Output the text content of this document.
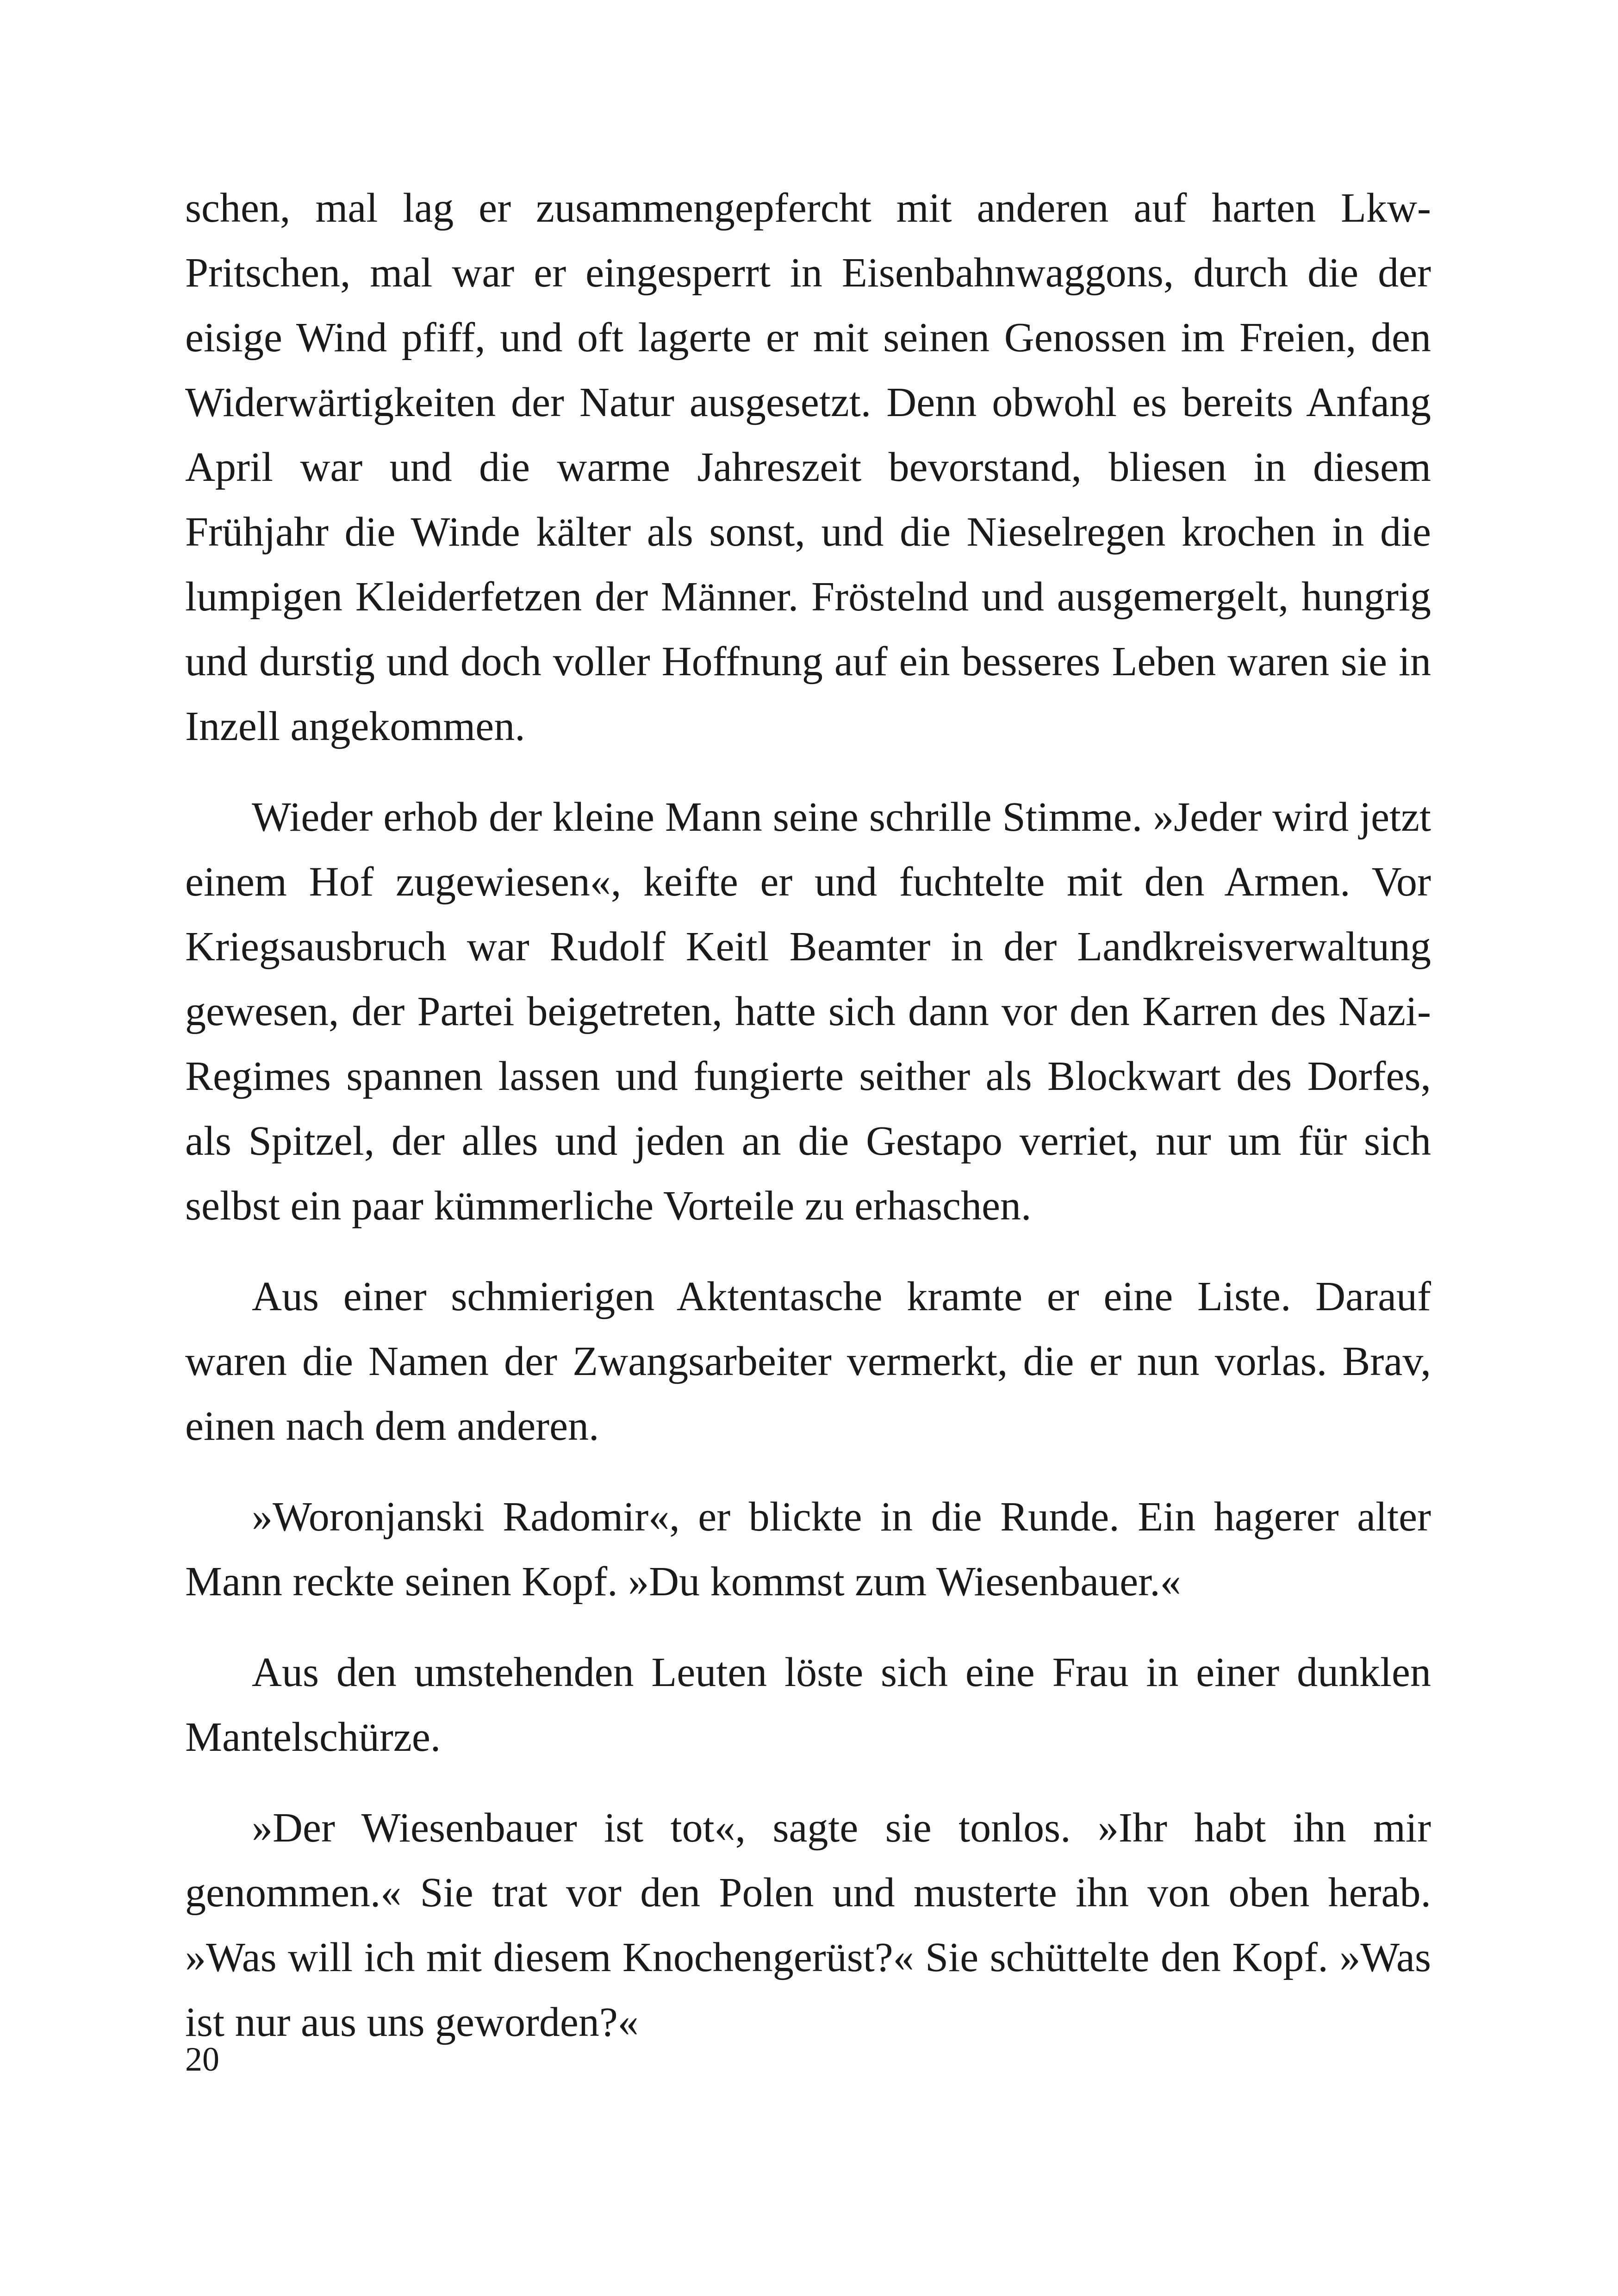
schen, mal lag er zusammengepfercht mit anderen auf harten Lkw-Pritschen, mal war er eingesperrt in Eisenbahnwaggons, durch die der eisige Wind pfiff, und oft lagerte er mit seinen Genossen im Freien, den Widerwärtigkeiten der Natur ausgesetzt. Denn obwohl es bereits Anfang April war und die warme Jahreszeit bevorstand, bliesen in diesem Frühjahr die Winde kälter als sonst, und die Nieselregen krochen in die lumpigen Kleiderfetzen der Männer. Fröstelnd und ausgemergelt, hungrig und durstig und doch voller Hoffnung auf ein besseres Leben waren sie in Inzell angekommen.

Wieder erhob der kleine Mann seine schrille Stimme. »Jeder wird jetzt einem Hof zugewiesen«, keifte er und fuchtelte mit den Armen. Vor Kriegsausbruch war Rudolf Keitl Beamter in der Landkreisverwaltung gewesen, der Partei beigetreten, hatte sich dann vor den Karren des Nazi-Regimes spannen lassen und fungierte seither als Blockwart des Dorfes, als Spitzel, der alles und jeden an die Gestapo verriet, nur um für sich selbst ein paar kümmerliche Vorteile zu erhaschen.

Aus einer schmierigen Aktentasche kramte er eine Liste. Darauf waren die Namen der Zwangsarbeiter vermerkt, die er nun vorlas. Brav, einen nach dem anderen.

»Woronjanski Radomir«, er blickte in die Runde. Ein hagerer alter Mann reckte seinen Kopf. »Du kommst zum Wiesenbauer.«

Aus den umstehenden Leuten löste sich eine Frau in einer dunklen Mantelschürze.

»Der Wiesenbauer ist tot«, sagte sie tonlos. »Ihr habt ihn mir genommen.« Sie trat vor den Polen und musterte ihn von oben herab. »Was will ich mit diesem Knochengerüst?« Sie schüttelte den Kopf. »Was ist nur aus uns geworden?«

20
